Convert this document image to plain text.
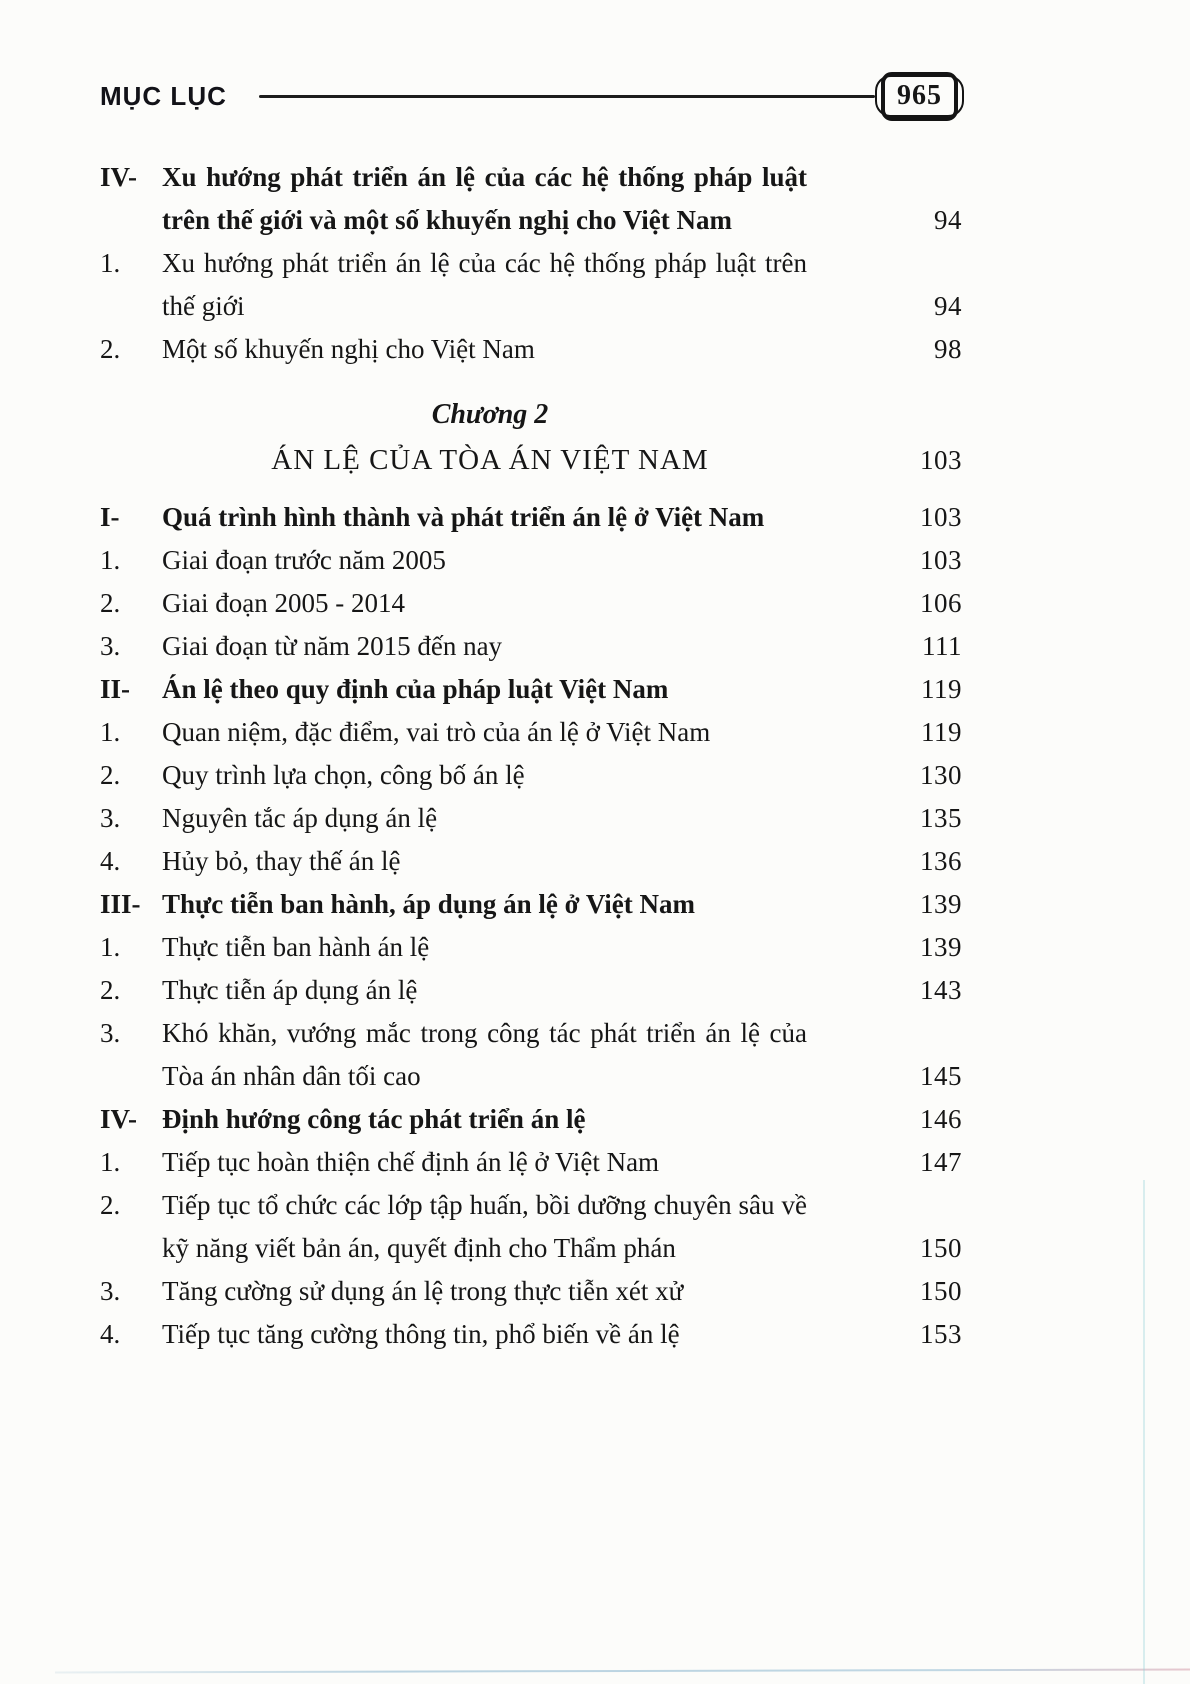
MỤC LỤC	965
IV- Xu hướng phát triển án lệ của các hệ thống pháp luật trên thế giới và một số khuyến nghị cho Việt Nam	94
1.	Xu hướng phát triển án lệ của các hệ thống pháp luật trên thế giới	94
2.	Một số khuyến nghị cho Việt Nam	98
Chương 2
ÁN LỆ CỦA TÒA ÁN VIỆT NAM	103
I-	Quá trình hình thành và phát triển án lệ ở Việt Nam	103
1.	Giai đoạn trước năm 2005	103
2.	Giai đoạn 2005 - 2014	106
3.	Giai đoạn từ năm 2015 đến nay	111
II-	Án lệ theo quy định của pháp luật Việt Nam	119
1.	Quan niệm, đặc điểm, vai trò của án lệ ở Việt Nam	119
2.	Quy trình lựa chọn, công bố án lệ	130
3.	Nguyên tắc áp dụng án lệ	135
4.	Hủy bỏ, thay thế án lệ	136
III- Thực tiễn ban hành, áp dụng án lệ ở Việt Nam	139
1.	Thực tiễn ban hành án lệ	139
2.	Thực tiễn áp dụng án lệ	143
3.	Khó khăn, vướng mắc trong công tác phát triển án lệ của Tòa án nhân dân tối cao	145
IV- Định hướng công tác phát triển án lệ	146
1.	Tiếp tục hoàn thiện chế định án lệ ở Việt Nam	147
2.	Tiếp tục tổ chức các lớp tập huấn, bồi dưỡng chuyên sâu về kỹ năng viết bản án, quyết định cho Thẩm phán	150
3.	Tăng cường sử dụng án lệ trong thực tiễn xét xử	150
4.	Tiếp tục tăng cường thông tin, phổ biến về án lệ	153
